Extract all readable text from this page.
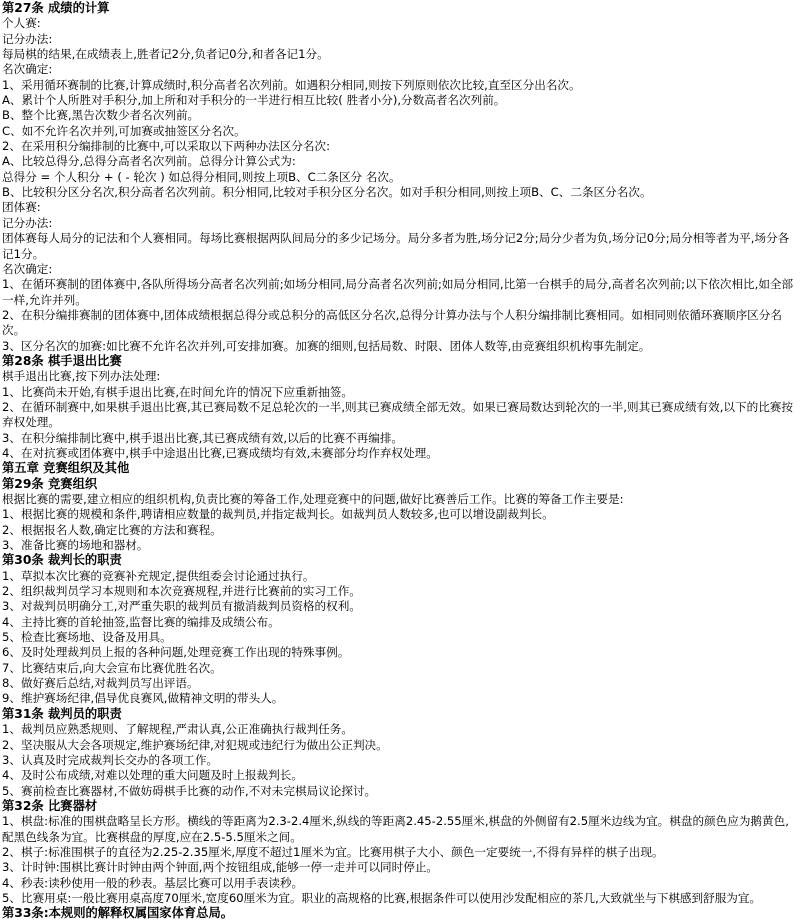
第27条 成绩的计算
个人赛:
记分办法:
每局棋的结果,在成绩表上,胜者记2分,负者记0分,和者各记1分。
名次确定:
1、采用循环赛制的比赛,计算成绩时,积分高者名次列前。如遇积分相同,则按下列原则依次比较,直至区分出名次。
A、累计个人所胜对手积分,加上所和对手积分的一半进行相互比较( 胜者小分),分数高者名次列前。
B、整个比赛,黑告次数少者名次列前。
C、如不允许名次并列,可加赛或抽签区分名次。
2、在采用积分编排制的比赛中,可以采取以下两种办法区分名次:
A、比较总得分,总得分高者名次列前。总得分计算公式为:
总得分 = 个人积分 + ( - 轮次 ) 如总得分相同,则按上项B、C二条区分 名次。
B、比较积分区分名次,积分高者名次列前。积分相同,比较对手积分区分名次。如对手积分相同,则按上项B、C、二条区分名次。
团体赛:
记分办法:
团体赛每人局分的记法和个人赛相同。每场比赛根据两队间局分的多少记场分。局分多者为胜,场分记2分;局分少者为负,场分记0分;局分相等者为平,场分各记1分。
名次确定:
1、在循环赛制的团体赛中,各队所得场分高者名次列前;如场分相同,局分高者名次列前;如局分相同,比第一台棋手的局分,高者名次列前;以下依次相比,如全部一样,允许并列。
2、在积分编排赛制的团体赛中,团体成绩根据总得分或总积分的高低区分名次,总得分计算办法与个人积分编排制比赛相同。如相同则依循环赛顺序区分名次。
3、区分名次的加赛:如比赛不允许名次并列,可安排加赛。加赛的细则,包括局数、时限、团体人数等,由竞赛组织机构事先制定。
第28条 棋手退出比赛
棋手退出比赛,按下列办法处理:
1、比赛尚未开始,有棋手退出比赛,在时间允许的情况下应重新抽签。
2、在循环制赛中,如果棋手退出比赛,其已赛局数不足总轮次的一半,则其已赛成绩全部无效。如果已赛局数达到轮次的一半,则其已赛成绩有效,以下的比赛按弃权处理。
3、在积分编排制比赛中,棋手退出比赛,其已赛成绩有效,以后的比赛不再编排。
4、在对抗赛或团体赛中,棋手中途退出比赛,已赛成绩均有效,未赛部分均作弃权处理。
第五章 竞赛组织及其他
第29条 竞赛组织
根据比赛的需要,建立相应的组织机构,负责比赛的筹备工作,处理竞赛中的问题,做好比赛善后工作。比赛的筹备工作主要是:
1、根据比赛的规模和条件,聘请相应数量的裁判员,并指定裁判长。如裁判员人数较多,也可以增设副裁判长。
2、根据报名人数,确定比赛的方法和赛程。
3、准备比赛的场地和器材。
第30条 裁判长的职责
1、草拟本次比赛的竞赛补充规定,提供组委会讨论通过执行。
2、组织裁判员学习本规则和本次竞赛规程,并进行比赛前的实习工作。
3、对裁判员明确分工,对严重失职的裁判员有撤消裁判员资格的权利。
4、主持比赛的首轮抽签,监督比赛的编排及成绩公布。
5、检查比赛场地、设备及用具。
6、及时处理裁判员上报的各种问题,处理竞赛工作出现的特殊事例。
7、比赛结束后,向大会宣布比赛优胜名次。
8、做好赛后总结,对裁判员写出评语。
9、维护赛场纪律,倡导优良赛风,做精神文明的带头人。
第31条 裁判员的职责
1、裁判员应熟悉规则、了解规程,严肃认真,公正准确执行裁判任务。
2、坚决服从大会各项规定,维护赛场纪律,对犯规或违纪行为做出公正判决。
3、认真及时完成裁判长交办的各项工作。
4、及时公布成绩,对难以处理的重大问题及时上报裁判长。
5、赛前检查比赛器材,不做妨碍棋手比赛的动作,不对未完棋局议论探讨。
第32条 比赛器材
1、棋盘:标准的围棋盘略呈长方形。横线的等距离为2.3-2.4厘米,纵线的等距离2.45-2.55厘米,棋盘的外侧留有2.5厘米边线为宜。棋盘的颜色应为鹅黄色,配黑色线条为宜。比赛棋盘的厚度,应在2.5-5.5厘米之间。
2、棋子:标准围棋子的直径为2.25-2.35厘米,厚度不超过1厘米为宜。比赛用棋子大小、颜色一定要统一,不得有异样的棋子出现。
3、计时钟:围棋比赛计时钟由两个钟面,两个按钮组成,能够一停一走并可以同时停止。
4、秒表:读秒使用一般的秒表。基层比赛可以用手表读秒。
5、比赛用桌:一般比赛用桌高度70厘米,宽度60厘米为宜。职业的高规格的比赛,根据条件可以使用沙发配相应的茶几,大致就坐与下棋感到舒服为宜。
第33条:本规则的解释权属国家体育总局。
